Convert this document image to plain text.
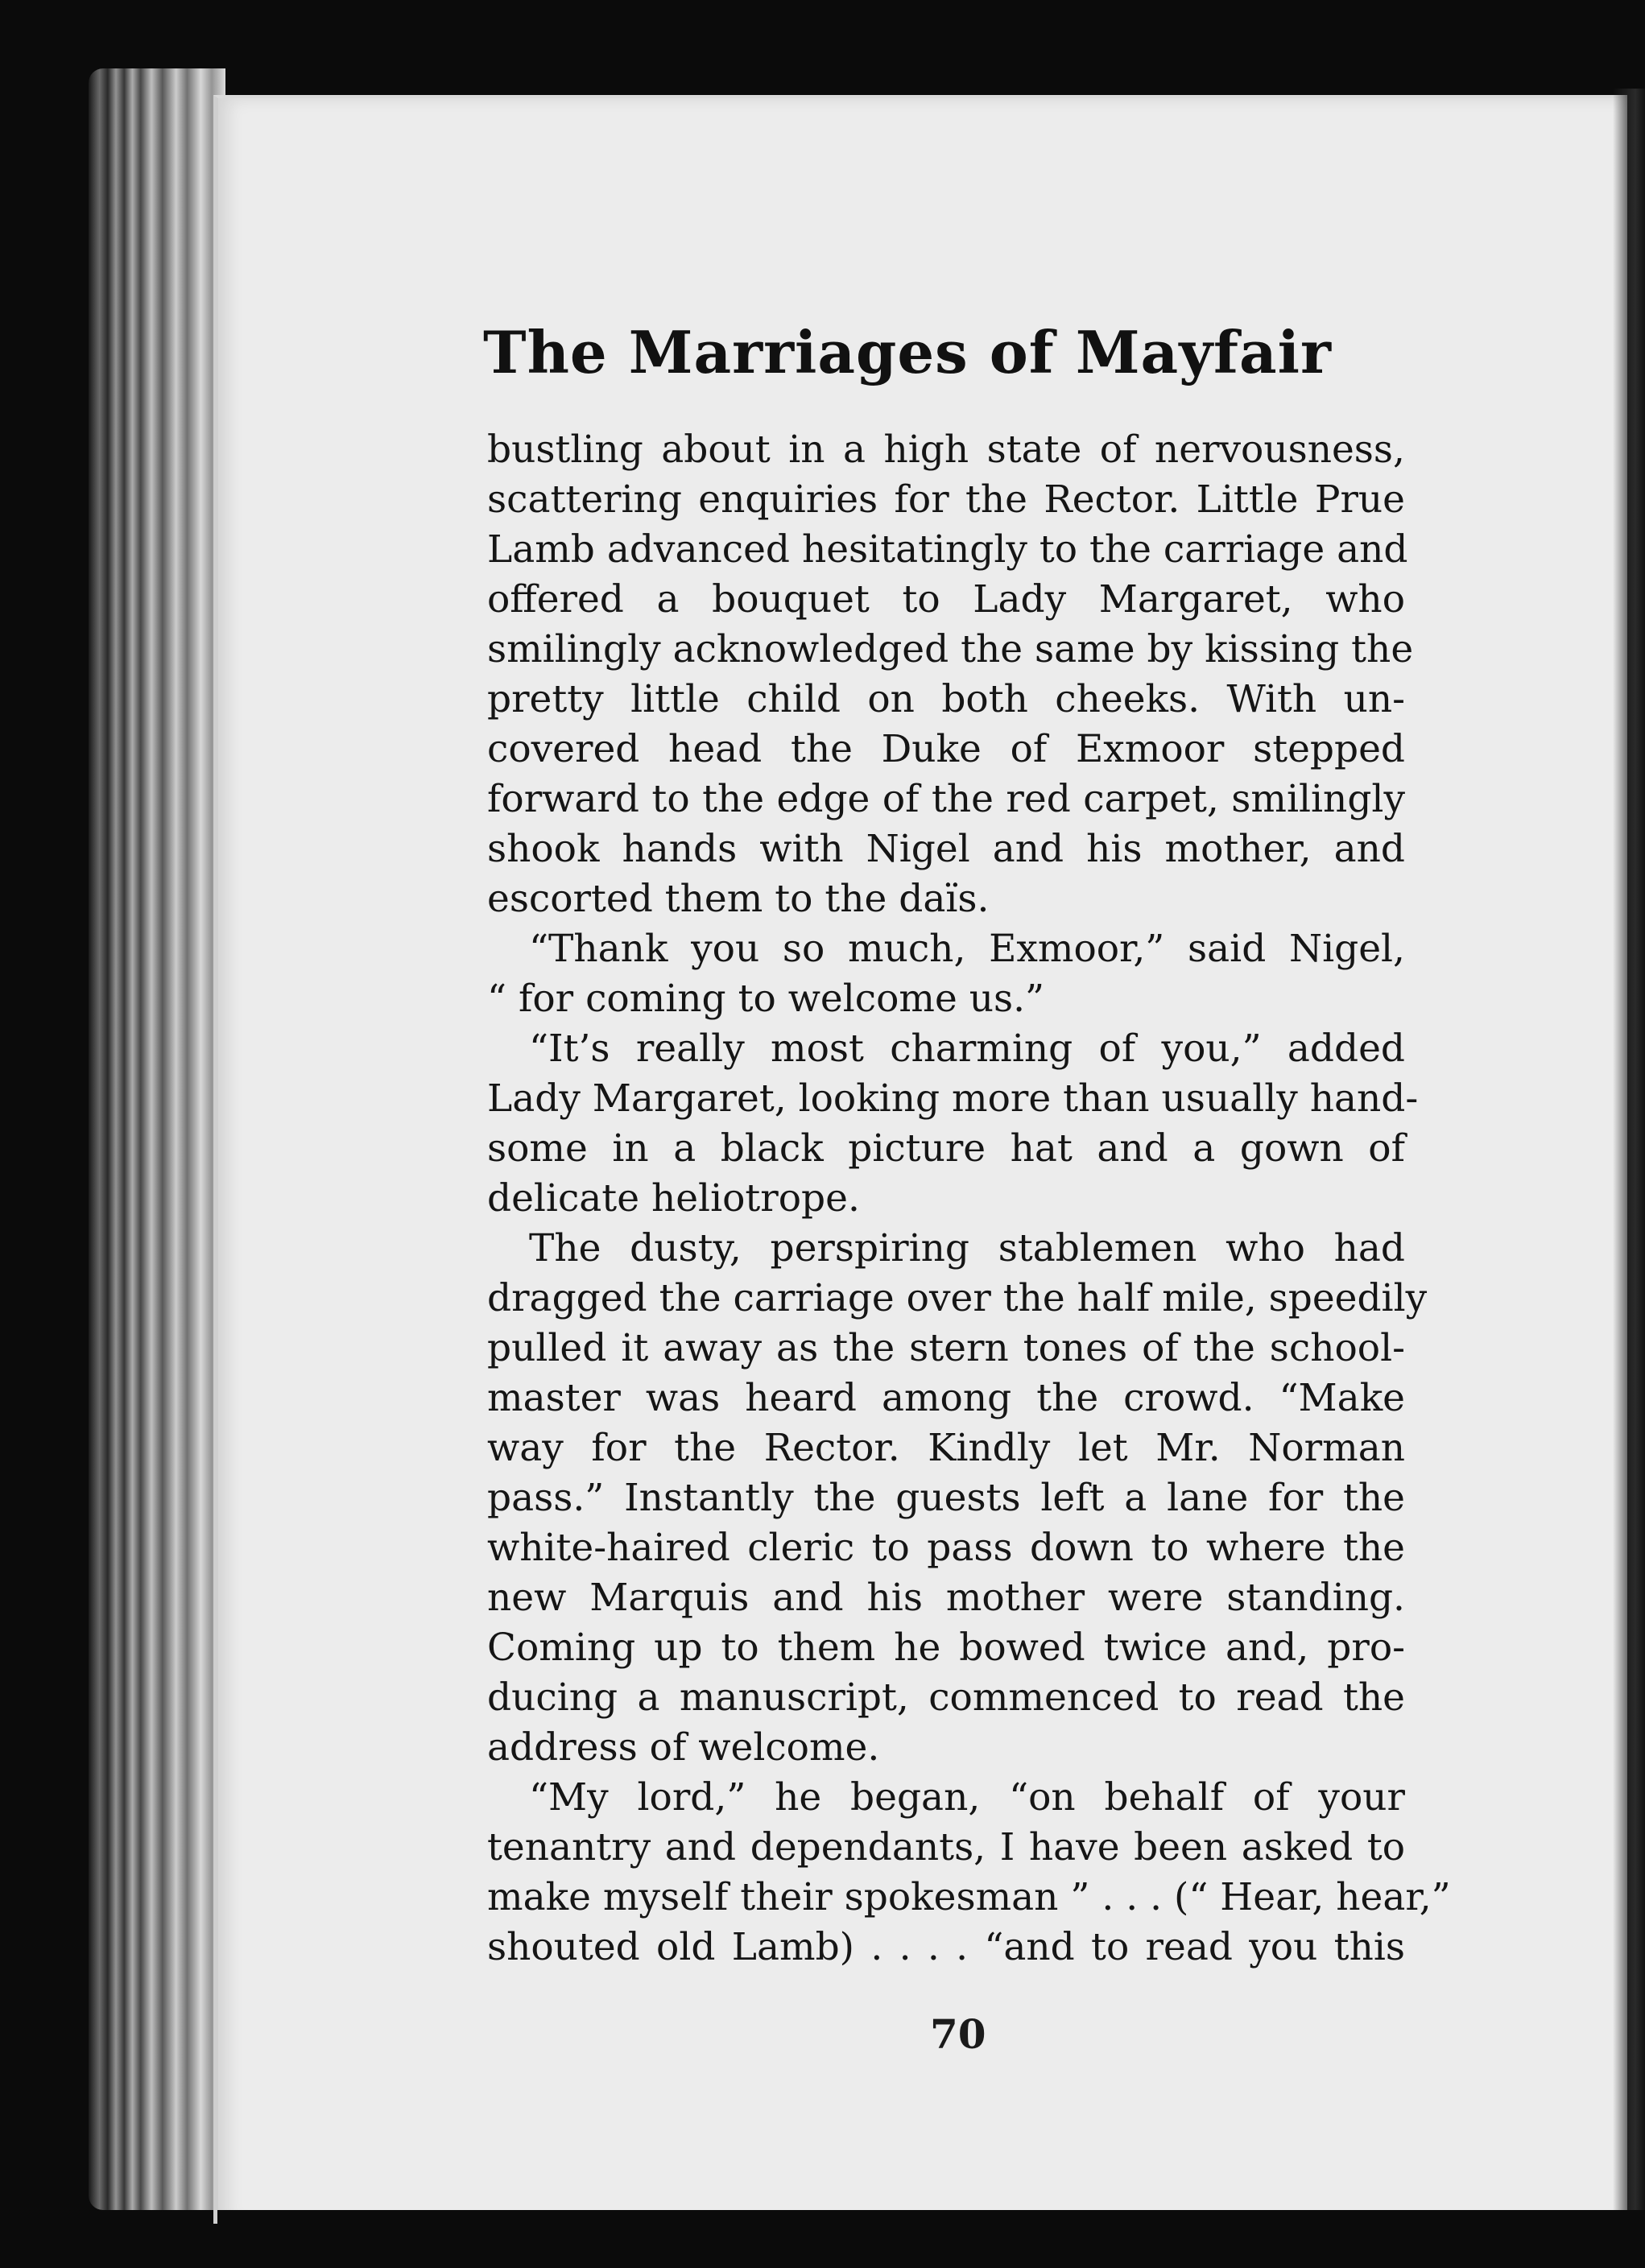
The Marriages of Mayfair
bustling about in a high state of nervousness,
scattering enquiries for the Rector. Little Prue
Lamb advanced hesitatingly to the carriage and
offered a bouquet to Lady Margaret, who
smilingly acknowledged the same by kissing the
pretty little child on both cheeks. With un-
covered head the Duke of Exmoor stepped
forward to the edge of the red carpet, smilingly
shook hands with Nigel and his mother, and
escorted them to the daïs.
“Thank you so much, Exmoor,” said Nigel,
“ for coming to welcome us.”
“It’s really most charming of you,” added
Lady Margaret, looking more than usually hand-
some in a black picture hat and a gown of
delicate heliotrope.
The dusty, perspiring stablemen who had
dragged the carriage over the half mile, speedily
pulled it away as the stern tones of the school-
master was heard among the crowd. “Make
way for the Rector. Kindly let Mr. Norman
pass.” Instantly the guests left a lane for the
white-haired cleric to pass down to where the
new Marquis and his mother were standing.
Coming up to them he bowed twice and, pro-
ducing a manuscript, commenced to read the
address of welcome.
“My lord,” he began, “on behalf of your
tenantry and dependants, I have been asked to
make myself their spokesman ” . . . (“ Hear, hear,”
shouted old Lamb) . . . . “and to read you this
70
